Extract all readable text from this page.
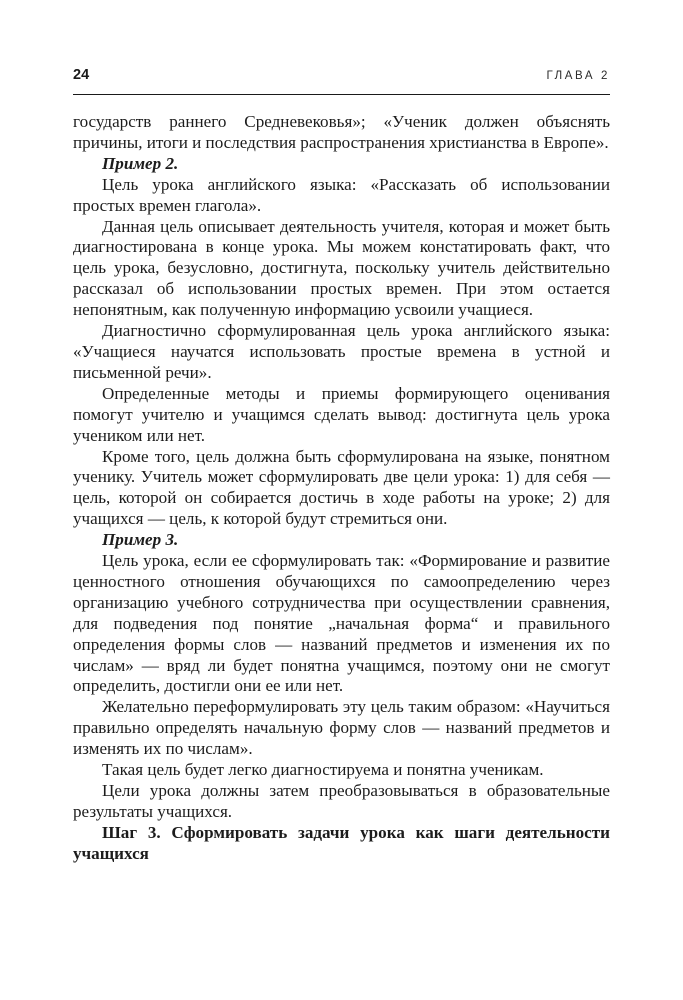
24	ГЛАВА 2

государств раннего Средневековья»; «Ученик должен объяснять причины, итоги и последствия распространения христианства в Европе».

Пример 2.

Цель урока английского языка: «Рассказать об использовании простых времен глагола».

Данная цель описывает деятельность учителя, которая и может быть диагностирована в конце урока. Мы можем констатировать факт, что цель урока, безусловно, достигнута, поскольку учитель действительно рассказал об использовании простых времен. При этом остается непонятным, как полученную информацию усвоили учащиеся.

Диагностично сформулированная цель урока английского языка: «Учащиеся научатся использовать простые времена в устной и письменной речи».

Определенные методы и приемы формирующего оценивания помогут учителю и учащимся сделать вывод: достигнута цель урока учеником или нет.

Кроме того, цель должна быть сформулирована на языке, понятном ученику. Учитель может сформулировать две цели урока: 1) для себя — цель, которой он собирается достичь в ходе работы на уроке; 2) для учащихся — цель, к которой будут стремиться они.

Пример 3.

Цель урока, если ее сформулировать так: «Формирование и развитие ценностного отношения обучающихся по самоопределению через организацию учебного сотрудничества при осуществлении сравнения, для подведения под понятие „начальная форма“ и правильного определения формы слов — названий предметов и изменения их по числам» — вряд ли будет понятна учащимся, поэтому они не смогут определить, достигли они ее или нет.

Желательно переформулировать эту цель таким образом: «Научиться правильно определять начальную форму слов — названий предметов и изменять их по числам».

Такая цель будет легко диагностируема и понятна ученикам.

Цели урока должны затем преобразовываться в образовательные результаты учащихся.

Шаг 3. Сформировать задачи урока как шаги деятельности учащихся
